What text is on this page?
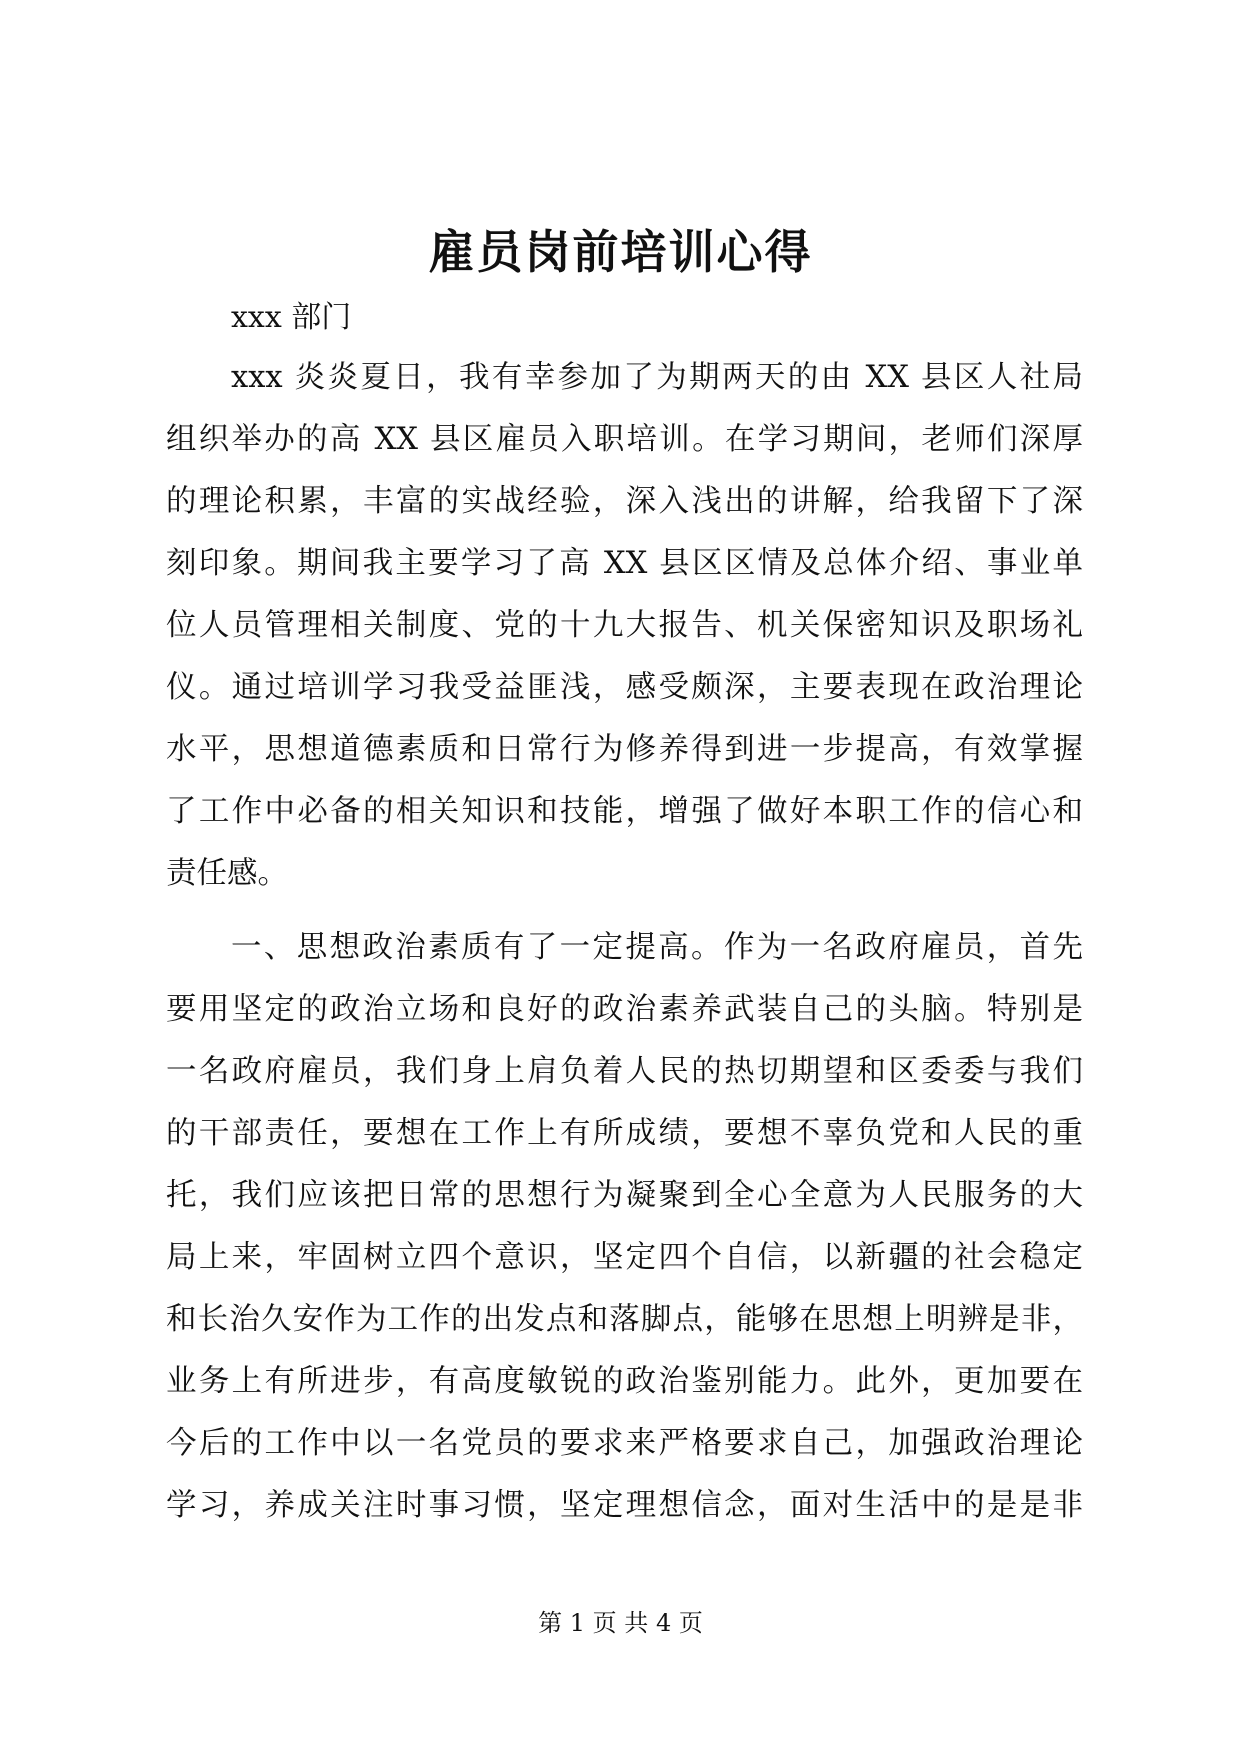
雇员岗前培训心得
xxx 部门
xxx 炎炎夏日，我有幸参加了为期两天的由 XX 县区人社局
组织举办的高 XX 县区雇员入职培训。在学习期间，老师们深厚
的理论积累，丰富的实战经验，深入浅出的讲解，给我留下了深
刻印象。期间我主要学习了高 XX 县区区情及总体介绍、事业单
位人员管理相关制度、党的十九大报告、机关保密知识及职场礼
仪。通过培训学习我受益匪浅，感受颇深，主要表现在政治理论
水平，思想道德素质和日常行为修养得到进一步提高，有效掌握
了工作中必备的相关知识和技能，增强了做好本职工作的信心和
责任感。
一、思想政治素质有了一定提高。作为一名政府雇员，首先
要用坚定的政治立场和良好的政治素养武装自己的头脑。特别是
一名政府雇员，我们身上肩负着人民的热切期望和区委委与我们
的干部责任，要想在工作上有所成绩，要想不辜负党和人民的重
托，我们应该把日常的思想行为凝聚到全心全意为人民服务的大
局上来，牢固树立四个意识，坚定四个自信，以新疆的社会稳定
和长治久安作为工作的出发点和落脚点，能够在思想上明辨是非，
业务上有所进步，有高度敏锐的政治鉴别能力。此外，更加要在
今后的工作中以一名党员的要求来严格要求自己，加强政治理论
学习，养成关注时事习惯，坚定理想信念，面对生活中的是是非
第 1 页 共 4 页
